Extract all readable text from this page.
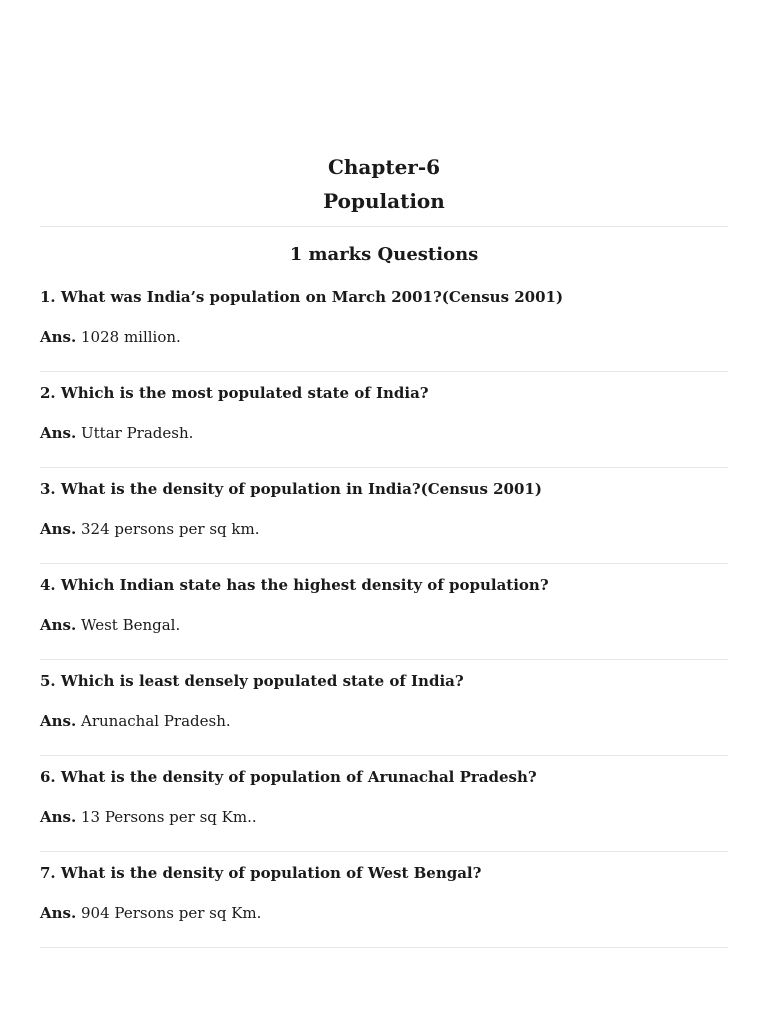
Chapter-6
Population
1 marks Questions
1. What was India’s population on March 2001?(Census 2001)
Ans. 1028 million.
2. Which is the most populated state of India?
Ans. Uttar Pradesh.
3. What is the density of population in India?(Census 2001)
Ans. 324 persons per sq km.
4. Which Indian state has the highest density of population?
Ans. West Bengal.
5. Which is least densely populated state of India?
Ans. Arunachal Pradesh.
6. What is the density of population of Arunachal Pradesh?
Ans. 13 Persons per sq Km..
7. What is the density of population of West Bengal?
Ans. 904 Persons per sq Km.
